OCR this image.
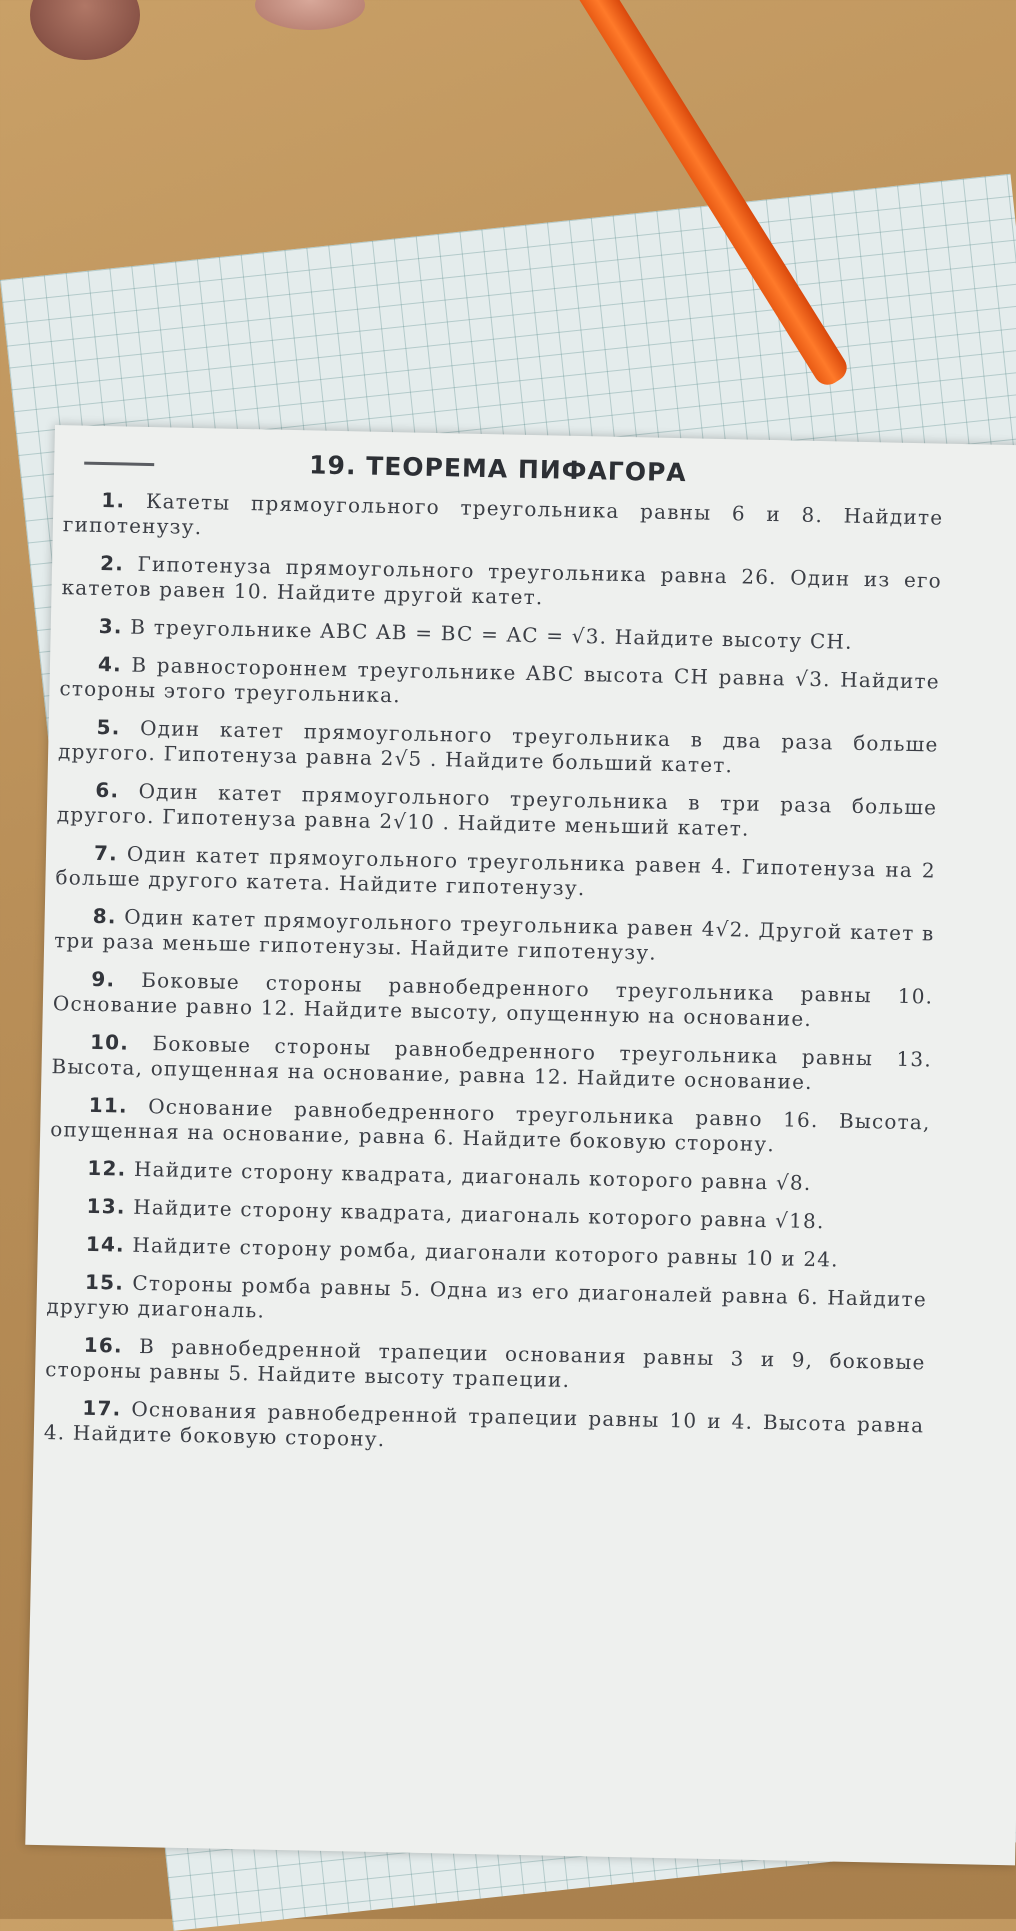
19. ТЕОРЕМА ПИФАГОРА

1. Катеты прямоугольного треугольника равны 6 и 8. Найдите гипотенузу.

2. Гипотенуза прямоугольного треугольника равна 26. Один из его катетов равен 10. Найдите другой катет.

3. В треугольнике ABC AB = BC = AC = √3. Найдите высоту CH.

4. В равностороннем треугольнике ABC высота CH равна √3. Найдите стороны этого треугольника.

5. Один катет прямоугольного треугольника в два раза больше другого. Гипотенуза равна 2√5 . Найдите больший катет.

6. Один катет прямоугольного треугольника в три раза больше другого. Гипотенуза равна 2√10 . Найдите меньший катет.

7. Один катет прямоугольного треугольника равен 4. Гипотенуза на 2 больше другого катета. Найдите гипотенузу.

8. Один катет прямоугольного треугольника равен 4√2. Другой катет в три раза меньше гипотенузы. Найдите гипотенузу.

9. Боковые стороны равнобедренного треугольника равны 10. Основание равно 12. Найдите высоту, опущенную на основание.

10. Боковые стороны равнобедренного треугольника равны 13. Высота, опущенная на основание, равна 12. Найдите основание.

11. Основание равнобедренного треугольника равно 16. Высота, опущенная на основание, равна 6. Найдите боковую сторону.

12. Найдите сторону квадрата, диагональ которого равна √8.

13. Найдите сторону квадрата, диагональ которого равна √18.

14. Найдите сторону ромба, диагонали которого равны 10 и 24.

15. Стороны ромба равны 5. Одна из его диагоналей равна 6. Найдите другую диагональ.

16. В равнобедренной трапеции основания равны 3 и 9, боковые стороны равны 5. Найдите высоту трапеции.

17. Основания равнобедренной трапеции равны 10 и 4. Высота равна 4. Найдите боковую сторону.
